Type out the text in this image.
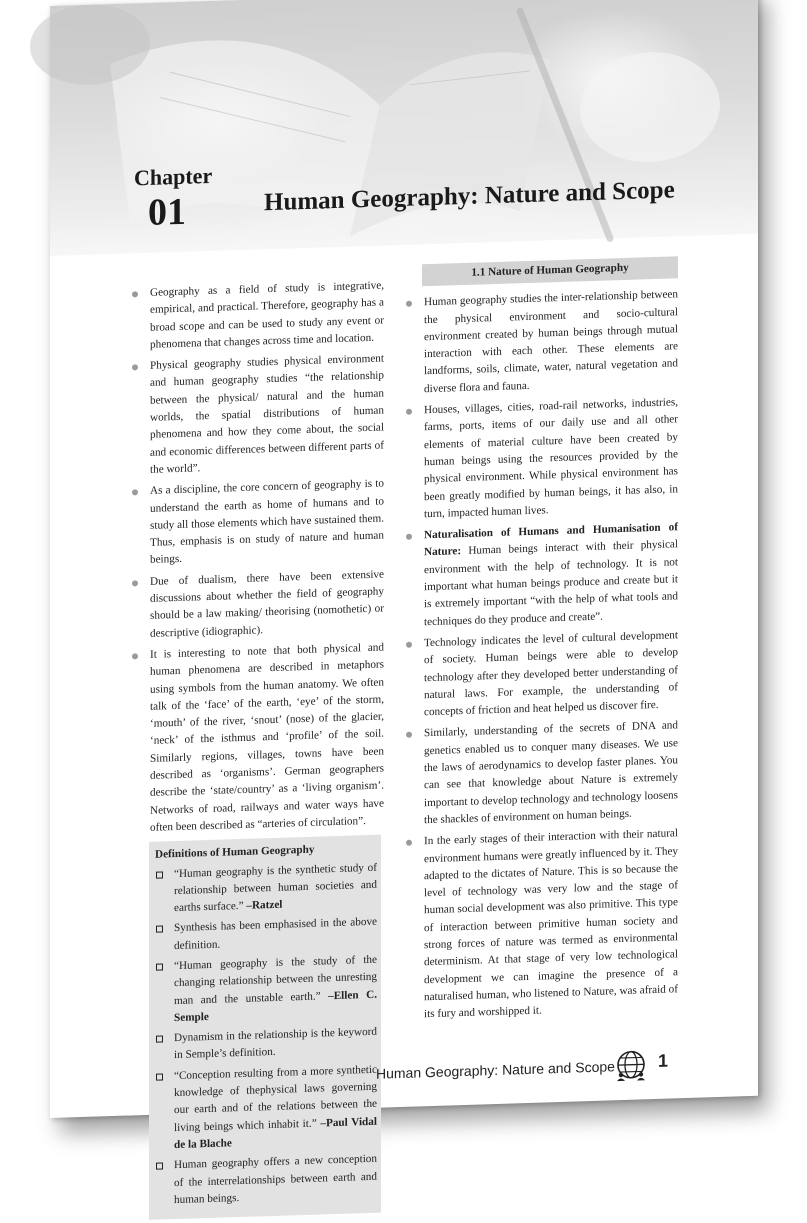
Chapter
01	Human Geography: Nature and Scope
Geography as a field of study is integrative, empirical, and practical. Therefore, geography has a broad scope and can be used to study any event or phenomena that changes across time and location.
Physical geography studies physical environment and human geography studies “the relationship between the physical/ natural and the human worlds, the spatial distributions of human phenomena and how they come about, the social and economic differences between different parts of the world”.
As a discipline, the core concern of geography is to understand the earth as home of humans and to study all those elements which have sustained them. Thus, emphasis is on study of nature and human beings.
Due of dualism, there have been extensive discussions about whether the field of geography should be a law making/ theorising (nomothetic) or descriptive (idiographic).
It is interesting to note that both physical and human phenomena are described in metaphors using symbols from the human anatomy. We often talk of the ‘face’ of the earth, ‘eye’ of the storm, ‘mouth’ of the river, ‘snout’ (nose) of the glacier, ‘neck’ of the isthmus and ‘profile’ of the soil. Similarly regions, villages, towns have been described as ‘organisms’. German geographers describe the ‘state/country’ as a ‘living organism’. Networks of road, railways and water ways have often been described as “arteries of circulation”.
Definitions of Human Geography
“Human geography is the synthetic study of relationship between human societies and earths surface.” –Ratzel
Synthesis has been emphasised in the above definition.
“Human geography is the study of the changing relationship between the unresting man and the unstable earth.” –Ellen C. Semple
Dynamism in the relationship is the keyword in Semple’s definition.
“Conception resulting from a more synthetic knowledge of thephysical laws governing our earth and of the relations between the living beings which inhabit it.” –Paul Vidal de la Blache
Human geography offers a new conception of the interrelationships between earth and human beings.
1.1 Nature of Human Geography
Human geography studies the inter-relationship between the physical environment and socio-cultural environment created by human beings through mutual interaction with each other. These elements are landforms, soils, climate, water, natural vegetation and diverse flora and fauna.
Houses, villages, cities, road-rail networks, industries, farms, ports, items of our daily use and all other elements of material culture have been created by human beings using the resources provided by the physical environment. While physical environment has been greatly modified by human beings, it has also, in turn, impacted human lives.
Naturalisation of Humans and Humanisation of Nature: Human beings interact with their physical environment with the help of technology. It is not important what human beings produce and create but it is extremely important “with the help of what tools and techniques do they produce and create”.
Technology indicates the level of cultural development of society. Human beings were able to develop technology after they developed better understanding of natural laws. For example, the understanding of concepts of friction and heat helped us discover fire.
Similarly, understanding of the secrets of DNA and genetics enabled us to conquer many diseases. We use the laws of aerodynamics to develop faster planes. You can see that knowledge about Nature is extremely important to develop technology and technology loosens the shackles of environment on human beings.
In the early stages of their interaction with their natural environment humans were greatly influenced by it. They adapted to the dictates of Nature. This is so because the level of technology was very low and the stage of human social development was also primitive. This type of interaction between primitive human society and strong forces of nature was termed as environmental determinism. At that stage of very low technological development we can imagine the presence of a naturalised human, who listened to Nature, was afraid of its fury and worshipped it.
Human Geography: Nature and Scope 1
